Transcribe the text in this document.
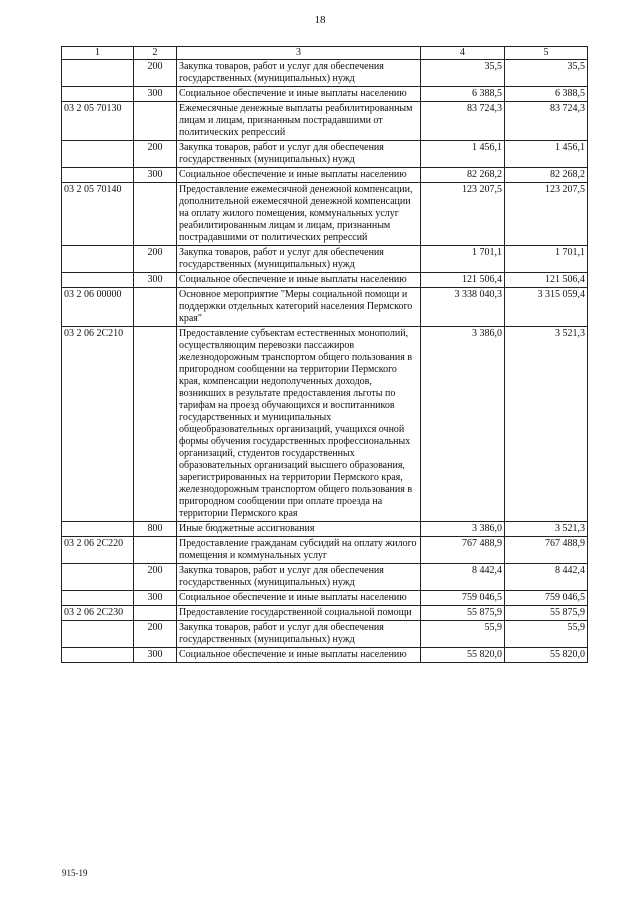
18
1	2	3	4	5
	200	Закупка товаров, работ и услуг для обеспечения государственных (муниципальных) нужд	35,5	35,5
	300	Социальное обеспечение и иные выплаты населению	6 388,5	6 388,5
03 2 05 70130		Ежемесячные денежные выплаты реабилитированным лицам и лицам, признанным пострадавшими от политических репрессий	83 724,3	83 724,3
	200	Закупка товаров, работ и услуг для обеспечения государственных (муниципальных) нужд	1 456,1	1 456,1
	300	Социальное обеспечение и иные выплаты населению	82 268,2	82 268,2
03 2 05 70140		Предоставление ежемесячной денежной компенсации, дополнительной ежемесячной денежной компенсации на оплату жилого помещения, коммунальных услуг реабилитированным лицам и лицам, признанным пострадавшими от политических репрессий	123 207,5	123 207,5
	200	Закупка товаров, работ и услуг для обеспечения государственных (муниципальных) нужд	1 701,1	1 701,1
	300	Социальное обеспечение и иные выплаты населению	121 506,4	121 506,4
03 2 06 00000		Основное мероприятие "Меры социальной помощи и поддержки отдельных категорий населения Пермского края"	3 338 040,3	3 315 059,4
03 2 06 2С210		Предоставление субъектам естественных монополий, осуществляющим перевозки пассажиров железнодорожным транспортом общего пользования в пригородном сообщении на территории Пермского края, компенсации недополученных доходов, возникших в результате предоставления льготы по тарифам на проезд обучающихся и воспитанников государственных и муниципальных общеобразовательных организаций, учащихся очной формы обучения государственных профессиональных организаций, студентов государственных образовательных организаций высшего образования, зарегистрированных на территории Пермского края, железнодорожным транспортом общего пользования в пригородном сообщении при оплате проезда на территории Пермского края	3 386,0	3 521,3
	800	Иные бюджетные ассигнования	3 386,0	3 521,3
03 2 06 2С220		Предоставление гражданам субсидий на оплату жилого помещения и коммунальных услуг	767 488,9	767 488,9
	200	Закупка товаров, работ и услуг для обеспечения государственных (муниципальных) нужд	8 442,4	8 442,4
	300	Социальное обеспечение и иные выплаты населению	759 046,5	759 046,5
03 2 06 2С230		Предоставление государственной социальной помощи	55 875,9	55 875,9
	200	Закупка товаров, работ и услуг для обеспечения государственных (муниципальных) нужд	55,9	55,9
	300	Социальное обеспечение и иные выплаты населению	55 820,0	55 820,0
915-19
